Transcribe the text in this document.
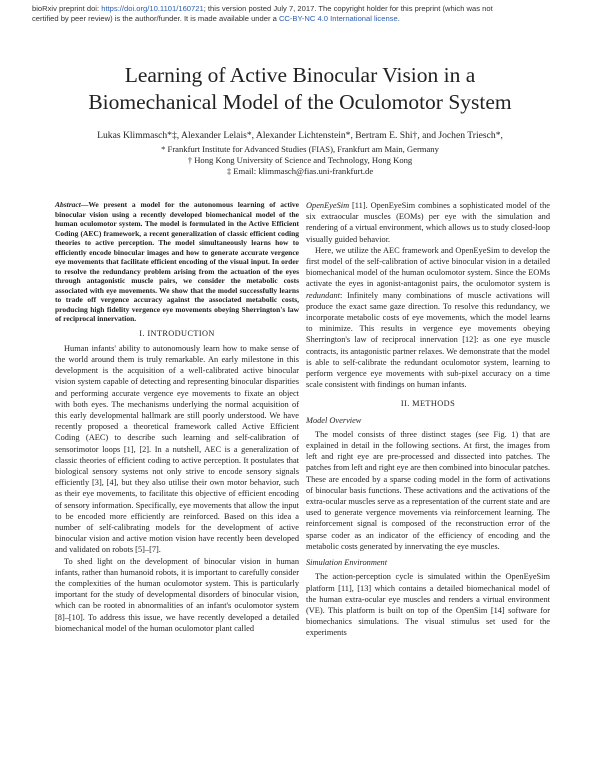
bioRxiv preprint doi: https://doi.org/10.1101/160721; this version posted July 7, 2017. The copyright holder for this preprint (which was not
certified by peer review) is the author/funder. It is made available under a CC-BY-NC 4.0 International license.
Learning of Active Binocular Vision in a
Biomechanical Model of the Oculomotor System
Lukas Klimmasch*‡, Alexander Lelais*, Alexander Lichtenstein*, Bertram E. Shi†, and Jochen Triesch*,
* Frankfurt Institute for Advanced Studies (FIAS), Frankfurt am Main, Germany
† Hong Kong University of Science and Technology, Hong Kong
‡ Email: klimmasch@fias.uni-frankfurt.de
Abstract—We present a model for the autonomous learning of active binocular vision using a recently developed biomechanical model of the human oculomotor system. The model is formulated in the Active Efficient Coding (AEC) framework, a recent generalization of classic efficient coding theories to active perception. The model simultaneously learns how to efficiently encode binocular images and how to generate accurate vergence eye movements that facilitate efficient encoding of the visual input. In order to resolve the redundancy problem arising from the actuation of the eyes through antagonistic muscle pairs, we consider the metabolic costs associated with eye movements. We show that the model successfully learns to trade off vergence accuracy against the associated metabolic costs, producing high fidelity vergence eye movements obeying Sherrington's law of reciprocal innervation.
I. INTRODUCTION

Human infants' ability to autonomously learn how to make sense of the world around them is truly remarkable. An early milestone in this development is the acquisition of a well-calibrated active binocular vision system capable of detecting and representing binocular disparities and performing accurate vergence eye movements to fixate an object with both eyes. The mechanisms underlying the normal acquisition of this early developmental hallmark are still poorly understood. We have recently proposed a theoretical framework called Active Efficient Coding (AEC) to describe such learning and self-calibration of sensorimotor loops [1], [2]. In a nutshell, AEC is a generalization of classic theories of efficient coding to active perception. It postulates that biological sensory systems not only strive to encode sensory signals efficiently [3], [4], but they also utilise their own motor behavior, such as their eye movements, to facilitate this objective of efficient encoding of sensory information. Specifically, eye movements that allow the input to be encoded more efficiently are reinforced. Based on this idea a number of self-calibrating models for the development of active binocular vision and active motion vision have recently been developed and validated on robots [5]–[7].

To shed light on the development of binocular vision in human infants, rather than humanoid robots, it is important to carefully consider the complexities of the human oculomotor system. This is particularly important for the study of developmental disorders of binocular vision, which can be rooted in abnormalities of an infant's oculomotor system [8]–[10]. To address this issue, we have recently developed a detailed biomechanical model of the human oculomotor plant called

OpenEyeSim [11]. OpenEyeSim combines a sophisticated model of the six extraocular muscles (EOMs) per eye with the simulation and rendering of a virtual environment, which allows us to study closed-loop visually guided behavior.

Here, we utilize the AEC framework and OpenEyeSim to develop the first model of the self-calibration of active binocular vision in a detailed biomechanical model of the human oculomotor system. Since the EOMs activate the eyes in agonist-antagonist pairs, the oculomotor system is redundant: Infinitely many combinations of muscle activations will produce the exact same gaze direction. To resolve this redundancy, we incorporate metabolic costs of eye movements, which the model learns to minimize. This results in vergence eye movements obeying Sherrington's law of reciprocal innervation [12]: as one eye muscle contracts, its antagonistic partner relaxes. We demonstrate that the model is able to self-calibrate the redundant oculomotor system, learning to perform vergence eye movements with sub-pixel accuracy on a time scale consistent with findings on human infants.

II. METHODS
Model Overview

The model consists of three distinct stages (see Fig. 1) that are explained in detail in the following sections. At first, the images from left and right eye are pre-processed and dissected into patches. The patches from left and right eye are then combined into binocular patches. These are encoded by a sparse coding model in the form of activations of binocular basis functions. These activations and the activations of the extra-ocular muscles serve as a representation of the current state and are used to generate vergence movements via reinforcement learning. The reinforcement signal is composed of the reconstruction error of the sparse coder as an indicator of the efficiency of encoding and the metabolic costs generated by innervating the eye muscles.

Simulation Environment

The action-perception cycle is simulated within the OpenEyeSim platform [11], [13] which contains a detailed biomechanical model of the human extra-ocular eye muscles and renders a virtual environment (VE). This platform is built on top of the OpenSim [14] software for biomechanics simulations. The visual stimulus set used for the experiments
